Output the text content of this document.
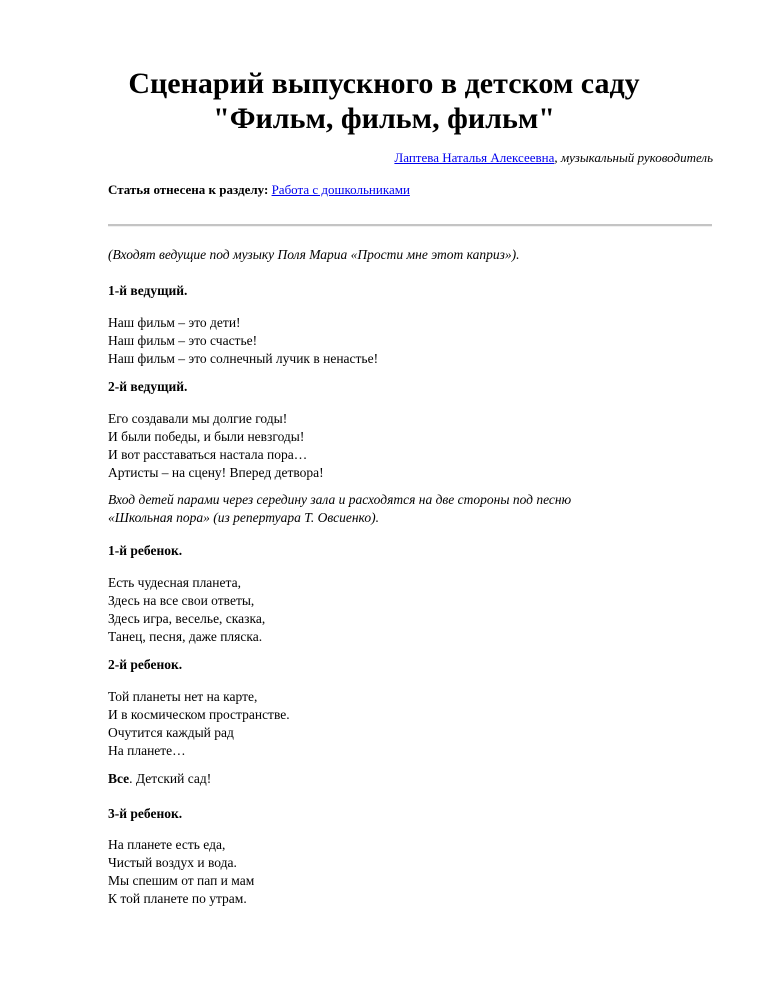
Сценарий выпускного в детском саду
"Фильм, фильм, фильм"
Лаптева Наталья Алексеевна, музыкальный руководитель
Статья отнесена к разделу: Работа с дошкольниками
(Входят ведущие под музыку Поля Мариа «Прости мне этот каприз»).
1-й ведущий.
Наш фильм – это дети!
Наш фильм – это счастье!
Наш фильм – это солнечный лучик в ненастье!
2-й ведущий.
Его создавали мы долгие годы!
И были победы, и были невзгоды!
И вот расставаться настала пора…
Артисты – на сцену! Вперед детвора!
Вход детей парами через середину зала и расходятся на две стороны под песню
«Школьная пора» (из репертуара Т. Овсиенко).
1-й ребенок.
Есть чудесная планета,
Здесь на все свои ответы,
Здесь игра, веселье, сказка,
Танец, песня, даже пляска.
2-й ребенок.
Той планеты нет на карте,
И в космическом пространстве.
Очутится каждый рад
На планете…
Все. Детский сад!
3-й ребенок.
На планете есть еда,
Чистый воздух и вода.
Мы спешим от пап и мам
К той планете по утрам.
